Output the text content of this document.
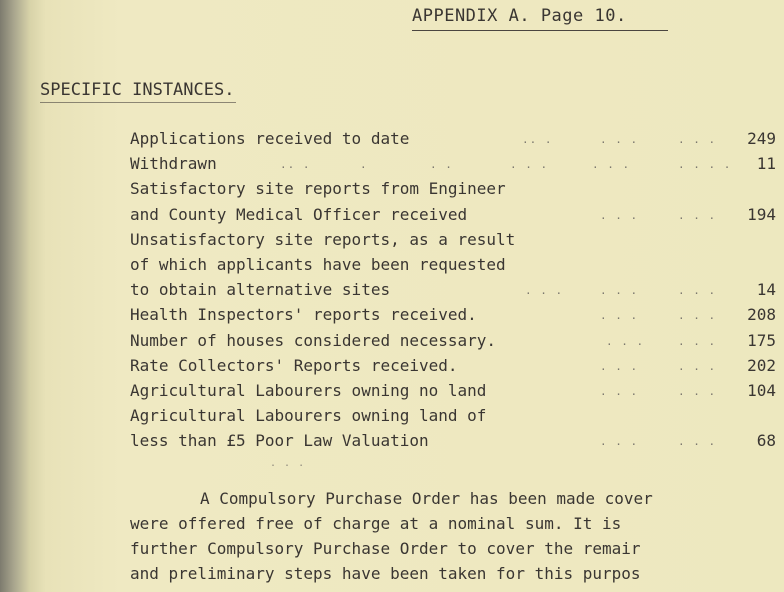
APPENDIX A. Page 10.
SPECIFIC INSTANCES.
Applications received to date	.. .	. . .	. . . 249
Withdrawn	.. .	.	. .	. . .	. . .	. . . . 11
Satisfactory site reports from Engineer
and County Medical Officer received	. . .	. . . 194
Unsatisfactory site reports, as a result
of which applicants have been requested
to obtain alternative sites	. . .	. . .	. . .	14
Health Inspectors' reports received.	. . .	. . . 208
Number of houses considered necessary.	. . .	. . . 175
Rate Collectors' Reports received.	. . .	. . . 202
Agricultural Labourers owning no land	. . .	. . . 104
Agricultural Labourers owning land of
less than £5 Poor Law Valuation	. . .	. . .	68
. . .
A Compulsory Purchase Order has been made cover
were offered free of charge at a nominal sum. It is
further Compulsory Purchase Order to cover the remair
and preliminary steps have been taken for this purpos
